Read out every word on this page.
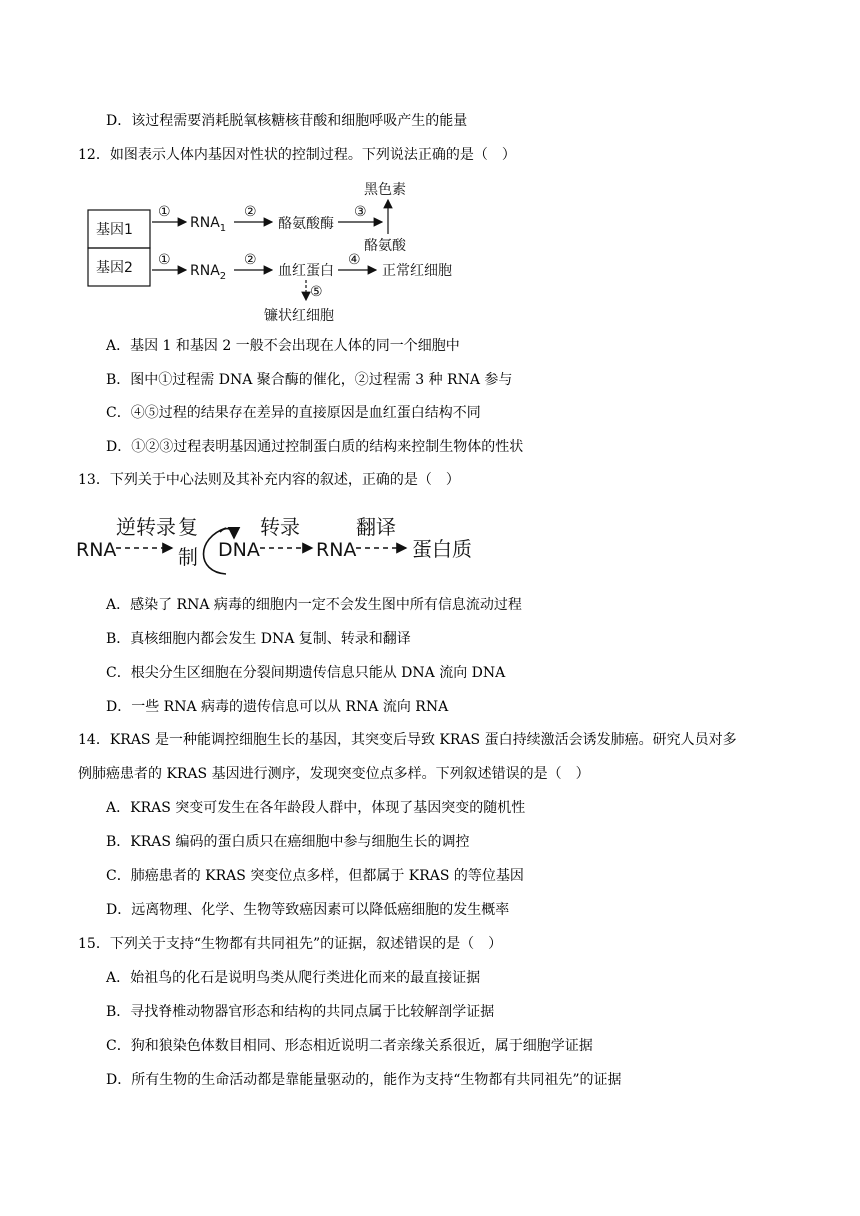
D．该过程需要消耗脱氧核糖核苷酸和细胞呼吸产生的能量
12．如图表示人体内基因对性状的控制过程。下列说法正确的是（　）
基因1
基因2
①
$RNA_1$
②
酪氨酸酶
③
黑色素
酪氨酸
①
$RNA_2$
②
血红蛋白
④
正常红细胞
⑤
镰状红细胞
A．基因 1 和基因 2 一般不会出现在人体的同一个细胞中
B．图中①过程需 DNA 聚合酶的催化，②过程需 3 种 RNA 参与
C．④⑤过程的结果存在差异的直接原因是血红蛋白结构不同
D．①②③过程表明基因通过控制蛋白质的结构来控制生物体的性状
13．下列关于中心法则及其补充内容的叙述，正确的是（　）
RNA
逆转录 复
制 DNA
转录
RNA
翻译
蛋白质
A．感染了 RNA 病毒的细胞内一定不会发生图中所有信息流动过程
B．真核细胞内都会发生 DNA 复制、转录和翻译
C．根尖分生区细胞在分裂间期遗传信息只能从 DNA 流向 DNA
D．一些 RNA 病毒的遗传信息可以从 RNA 流向 RNA
14．KRAS 是一种能调控细胞生长的基因，其突变后导致 KRAS 蛋白持续激活会诱发肺癌。研究人员对多
例肺癌患者的 KRAS 基因进行测序，发现突变位点多样。下列叙述错误的是（　）
A．KRAS 突变可发生在各年龄段人群中，体现了基因突变的随机性
B．KRAS 编码的蛋白质只在癌细胞中参与细胞生长的调控
C．肺癌患者的 KRAS 突变位点多样，但都属于 KRAS 的等位基因
D．远离物理、化学、生物等致癌因素可以降低癌细胞的发生概率
15．下列关于支持“生物都有共同祖先”的证据，叙述错误的是（　）
A．始祖鸟的化石是说明鸟类从爬行类进化而来的最直接证据
B．寻找脊椎动物器官形态和结构的共同点属于比较解剖学证据
C．狗和狼染色体数目相同、形态相近说明二者亲缘关系很近，属于细胞学证据
D．所有生物的生命活动都是靠能量驱动的，能作为支持“生物都有共同祖先”的证据
